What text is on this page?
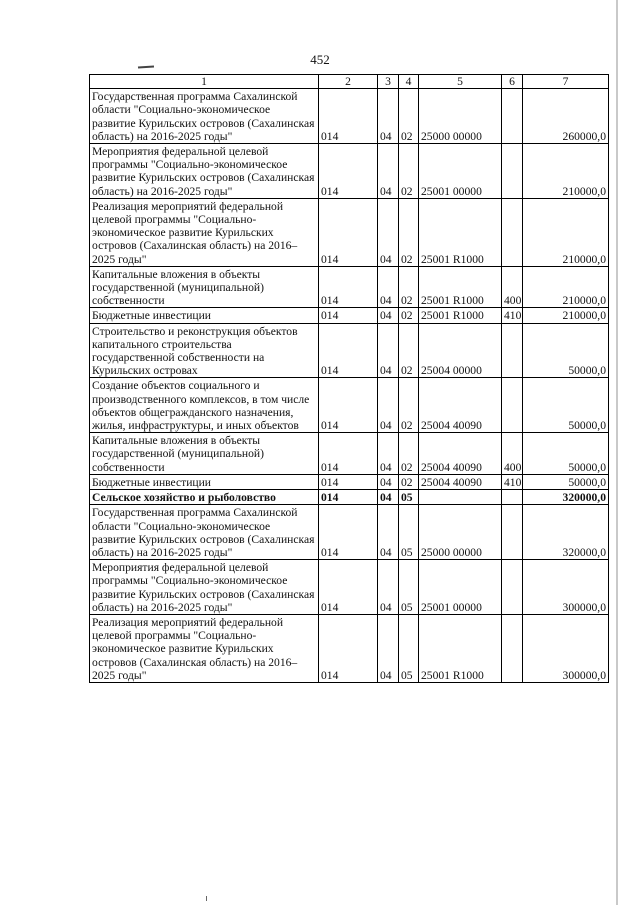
452
1	2	3	4	5	6	7
Государственная программа Сахалинской области "Социально-экономическое развитие Курильских островов (Сахалинская область) на 2016-2025 годы"	014	04	02	25000 00000		260000,0
Мероприятия федеральной целевой программы "Социально-экономическое развитие Курильских островов (Сахалинская область) на 2016-2025 годы"	014	04	02	25001 00000		210000,0
Реализация мероприятий федеральной целевой программы "Социально-экономическое развитие Курильских островов (Сахалинская область) на 2016–2025 годы"	014	04	02	25001 R1000		210000,0
Капитальные вложения в объекты государственной (муниципальной) собственности	014	04	02	25001 R1000	400	210000,0
Бюджетные инвестиции	014	04	02	25001 R1000	410	210000,0
Строительство и реконструкция объектов капитального строительства государственной собственности на Курильских островах	014	04	02	25004 00000		50000,0
Создание объектов социального и производственного комплексов, в том числе объектов общегражданского назначения, жилья, инфраструктуры, и иных объектов	014	04	02	25004 40090		50000,0
Капитальные вложения в объекты государственной (муниципальной) собственности	014	04	02	25004 40090	400	50000,0
Бюджетные инвестиции	014	04	02	25004 40090	410	50000,0
Сельское хозяйство и рыболовство	014	04	05			320000,0
Государственная программа Сахалинской области "Социально-экономическое развитие Курильских островов (Сахалинская область) на 2016-2025 годы"	014	04	05	25000 00000		320000,0
Мероприятия федеральной целевой программы "Социально-экономическое развитие Курильских островов (Сахалинская область) на 2016-2025 годы"	014	04	05	25001 00000		300000,0
Реализация мероприятий федеральной целевой программы "Социально-экономическое развитие Курильских островов (Сахалинская область) на 2016–2025 годы"	014	04	05	25001 R1000		300000,0
